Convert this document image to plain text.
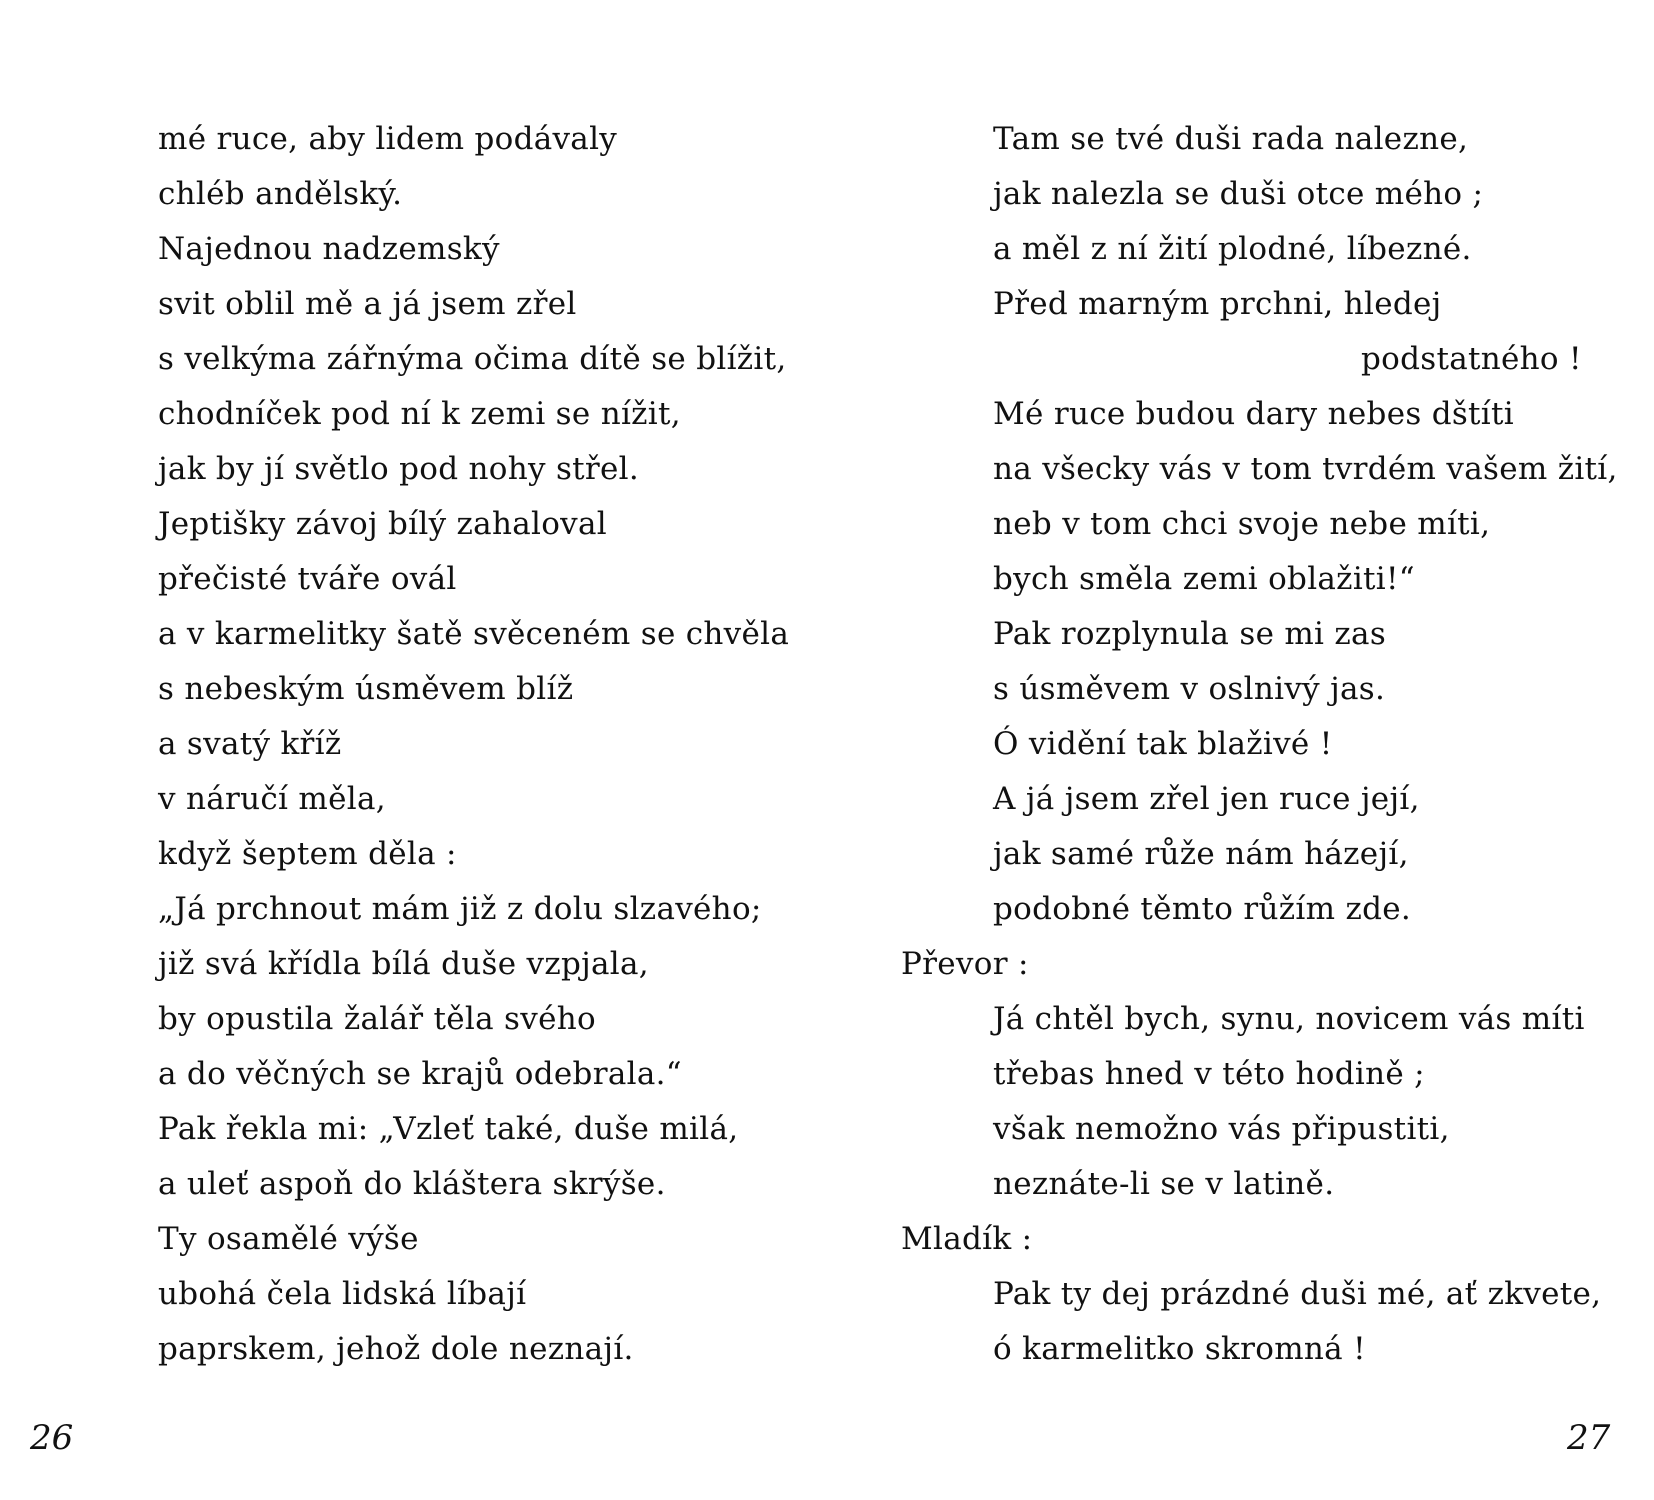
mé ruce, aby lidem podávaly
chléb andělský.
Najednou nadzemský
svit oblil mě a já jsem zřel
s velkýma zářnýma očima dítě se blížit,
chodníček pod ní k zemi se nížit,
jak by jí světlo pod nohy střel.
Jeptišky závoj bílý zahaloval
přečisté tváře ovál
a v karmelitky šatě svěceném se chvěla
s nebeským úsměvem blíž
a svatý kříž
v náručí měla,
když šeptem děla :
„Já prchnout mám již z dolu slzavého;
již svá křídla bílá duše vzpjala,
by opustila žalář těla svého
a do věčných se krajů odebrala.“
Pak řekla mi: „Vzleť také, duše milá,
a uleť aspoň do kláštera skrýše.
Ty osamělé výše
ubohá čela lidská líbají
paprskem, jehož dole neznají.
26
Tam se tvé duši rada nalezne,
jak nalezla se duši otce mého ;
a měl z ní žití plodné, líbezné.
Před marným prchni, hledej
podstatného !
Mé ruce budou dary nebes dštíti
na všecky vás v tom tvrdém vašem žití,
neb v tom chci svoje nebe míti,
bych směla zemi oblažiti!“
Pak rozplynula se mi zas
s úsměvem v oslnivý jas.
Ó vidění tak blaživé !
A já jsem zřel jen ruce její,
jak samé růže nám házejí,
podobné těmto růžím zde.
Převor :
Já chtěl bych, synu, novicem vás míti
třebas hned v této hodině ;
však nemožno vás připustiti,
neznáte-li se v latině.
Mladík :
Pak ty dej prázdné duši mé, ať zkvete,
ó karmelitko skromná !
27
